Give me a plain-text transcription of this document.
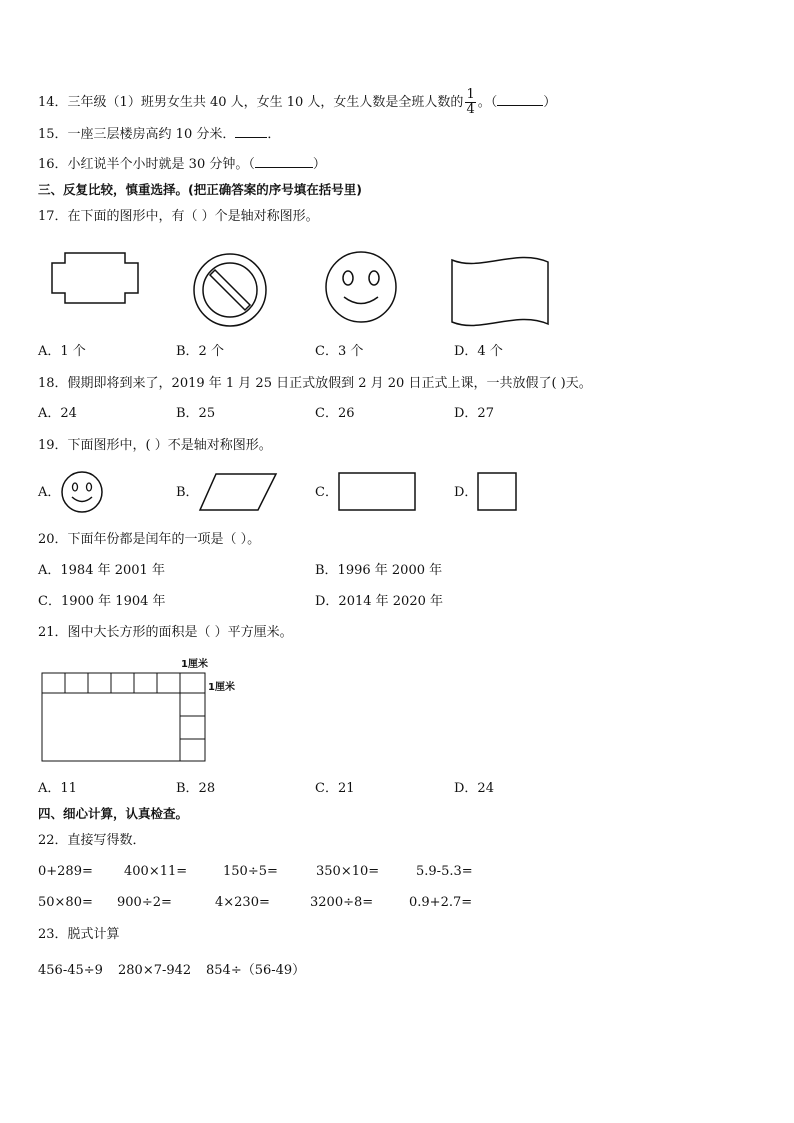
14．三年级（1）班男女生共 40 人，女生 10 人，女生人数是全班人数的 $\frac{1}{4}$ 。（	）
15．一座三层楼房高约 10 分米． ．
16．小红说半个小时就是 30 分钟。（	）
三、反复比较，慎重选择。(把正确答案的序号填在括号里)
17．在下面的图形中，有（ ）个是轴对称图形。
A．1 个	B．2 个	C．3 个	D．4 个
18．假期即将到来了，2019 年 1 月 25 日正式放假到 2 月 20 日正式上课，一共放假了( )天。
A．24	B．25	C．26	D．27
19．下面图形中，( ）不是轴对称图形。
A．	B．	C．	D．
20．下面年份都是闰年的一项是（ ）。
A．1984 年 2001 年	B．1996 年 2000 年
C．1900 年 1904 年	D．2014 年 2020 年
21．图中大长方形的面积是（ ）平方厘米。
1厘米
1厘米
A．11	B．28	C．21	D．24
四、细心计算，认真检查。
22．直接写得数．
0+289= 400×11=	150÷5=	350×10=	5.9-5.3=
50×80= 900÷2=	4×230=	3200÷8=	0.9+2.7=
23．脱式计算
456-45÷9 280×7-942 854÷（56-49）
